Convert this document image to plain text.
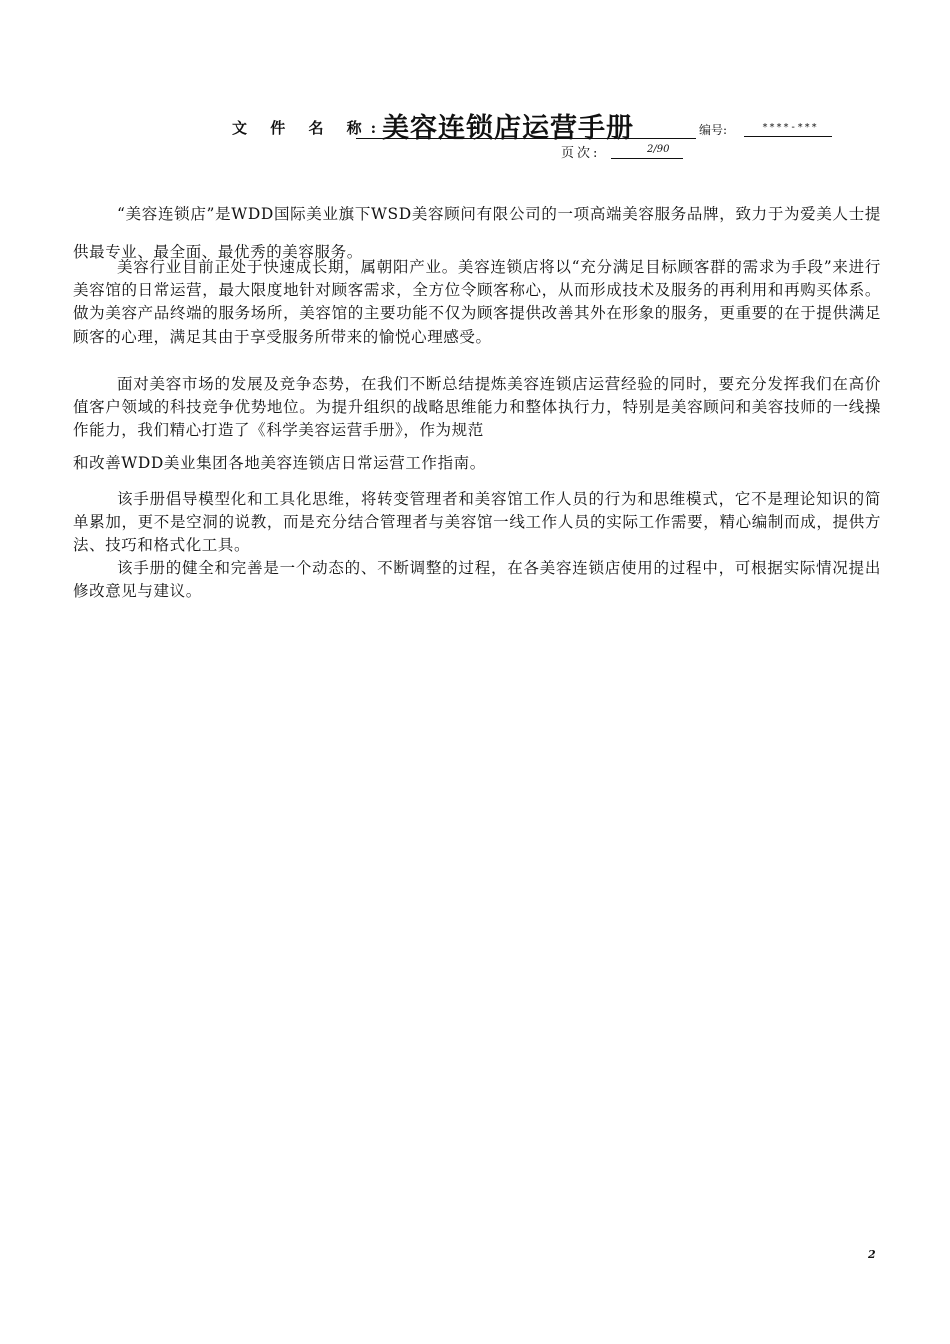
文 件 名 称:
美容连锁店运营手册	编号:	****-***
页次:	2/90

“美容连锁店”是WDD国际美业旗下WSD美容顾问有限公司的一项高端美容服务品牌，致力于为爱美人士提供最专业、最全面、最优秀的美容服务。

美容行业目前正处于快速成长期，属朝阳产业。美容连锁店将以“充分满足目标顾客群的需求为手段”来进行美容馆的日常运营，最大限度地针对顾客需求，全方位令顾客称心，从而形成技术及服务的再利用和再购买体系。做为美容产品终端的服务场所，美容馆的主要功能不仅为顾客提供改善其外在形象的服务，更重要的在于提供满足顾客的心理，满足其由于享受服务所带来的愉悦心理感受。

面对美容市场的发展及竞争态势，在我们不断总结提炼美容连锁店运营经验的同时，要充分发挥我们在高价值客户领域的科技竞争优势地位。为提升组织的战略思维能力和整体执行力，特别是美容顾问和美容技师的一线操作能力，我们精心打造了《科学美容运营手册》，作为规范

和改善WDD美业集团各地美容连锁店日常运营工作指南。

该手册倡导模型化和工具化思维，将转变管理者和美容馆工作人员的行为和思维模式，它不是理论知识的简单累加，更不是空洞的说教，而是充分结合管理者与美容馆一线工作人员的实际工作需要，精心编制而成，提供方法、技巧和格式化工具。

该手册的健全和完善是一个动态的、不断调整的过程，在各美容连锁店使用的过程中，可根据实际情况提出修改意见与建议。

2
